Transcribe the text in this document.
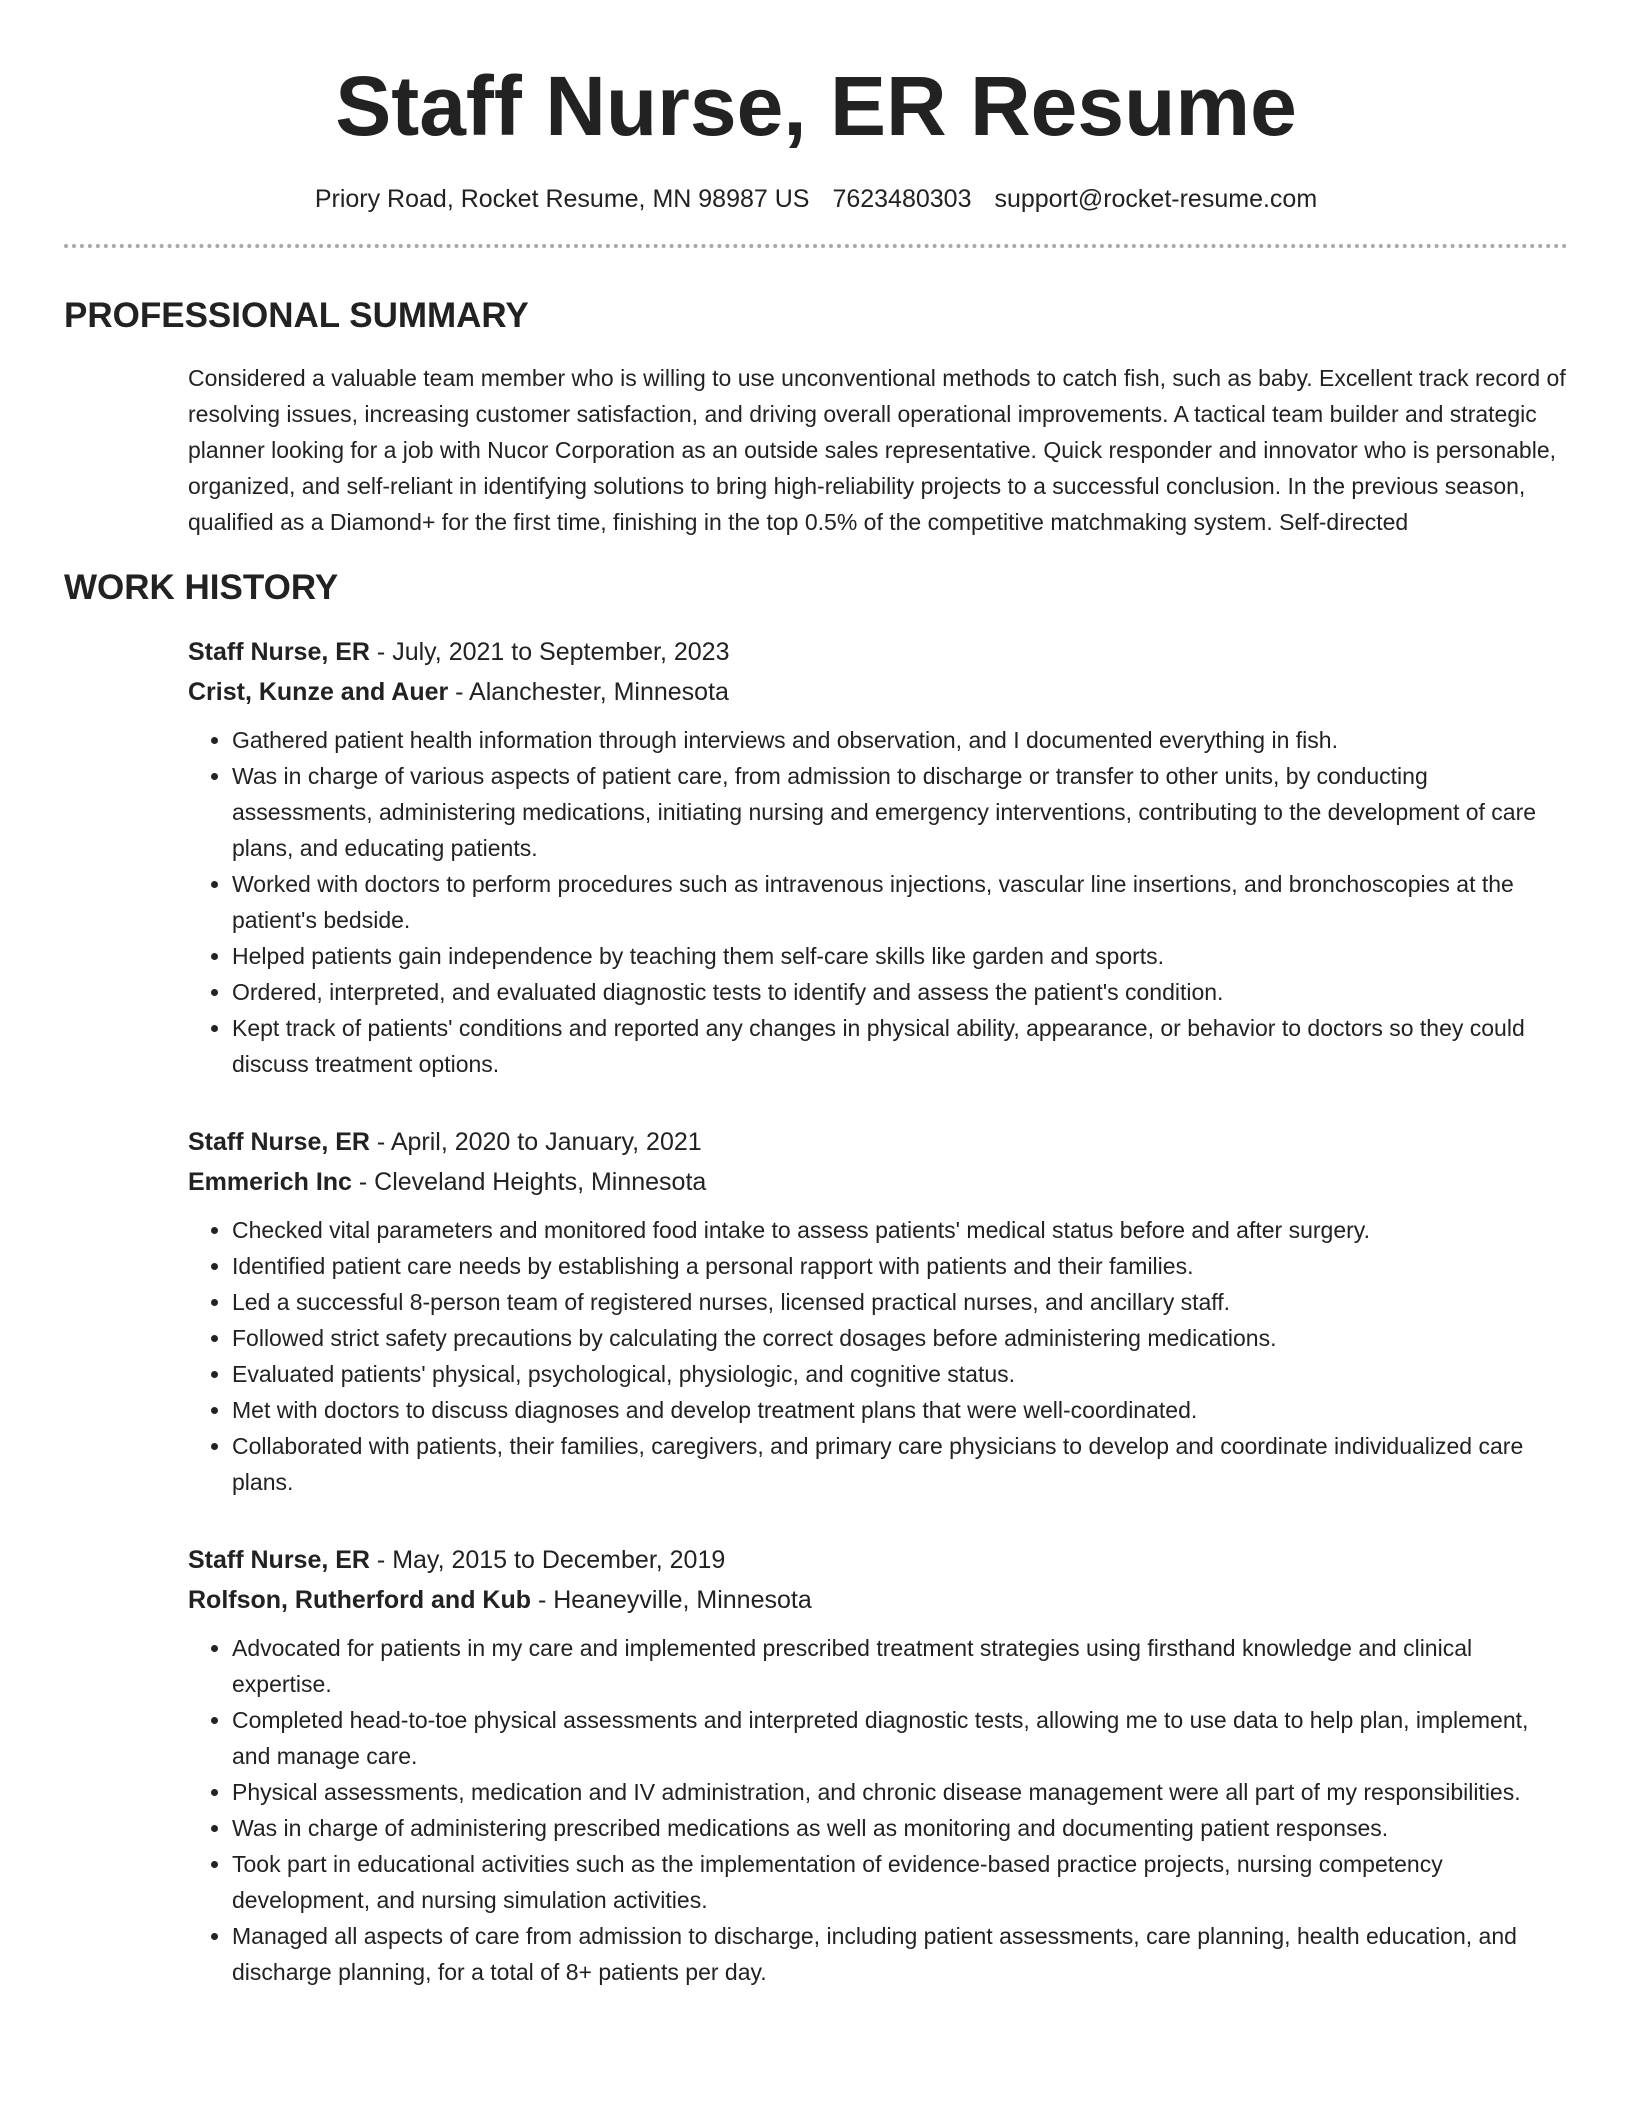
Staff Nurse, ER Resume
Priory Road, Rocket Resume, MN 98987 US 7623480303 support@rocket-resume.com
PROFESSIONAL SUMMARY
Considered a valuable team member who is willing to use unconventional methods to catch fish, such as baby. Excellent track record of resolving issues, increasing customer satisfaction, and driving overall operational improvements. A tactical team builder and strategic planner looking for a job with Nucor Corporation as an outside sales representative. Quick responder and innovator who is personable, organized, and self-reliant in identifying solutions to bring high-reliability projects to a successful conclusion. In the previous season, qualified as a Diamond+ for the first time, finishing in the top 0.5% of the competitive matchmaking system. Self-directed
WORK HISTORY
Staff Nurse, ER - July, 2021 to September, 2023
Crist, Kunze and Auer - Alanchester, Minnesota
• Gathered patient health information through interviews and observation, and I documented everything in fish.
• Was in charge of various aspects of patient care, from admission to discharge or transfer to other units, by conducting assessments, administering medications, initiating nursing and emergency interventions, contributing to the development of care plans, and educating patients.
• Worked with doctors to perform procedures such as intravenous injections, vascular line insertions, and bronchoscopies at the patient's bedside.
• Helped patients gain independence by teaching them self-care skills like garden and sports.
• Ordered, interpreted, and evaluated diagnostic tests to identify and assess the patient's condition.
• Kept track of patients' conditions and reported any changes in physical ability, appearance, or behavior to doctors so they could discuss treatment options.
Staff Nurse, ER - April, 2020 to January, 2021
Emmerich Inc - Cleveland Heights, Minnesota
• Checked vital parameters and monitored food intake to assess patients' medical status before and after surgery.
• Identified patient care needs by establishing a personal rapport with patients and their families.
• Led a successful 8-person team of registered nurses, licensed practical nurses, and ancillary staff.
• Followed strict safety precautions by calculating the correct dosages before administering medications.
• Evaluated patients' physical, psychological, physiologic, and cognitive status.
• Met with doctors to discuss diagnoses and develop treatment plans that were well-coordinated.
• Collaborated with patients, their families, caregivers, and primary care physicians to develop and coordinate individualized care plans.
Staff Nurse, ER - May, 2015 to December, 2019
Rolfson, Rutherford and Kub - Heaneyville, Minnesota
• Advocated for patients in my care and implemented prescribed treatment strategies using firsthand knowledge and clinical expertise.
• Completed head-to-toe physical assessments and interpreted diagnostic tests, allowing me to use data to help plan, implement, and manage care.
• Physical assessments, medication and IV administration, and chronic disease management were all part of my responsibilities.
• Was in charge of administering prescribed medications as well as monitoring and documenting patient responses.
• Took part in educational activities such as the implementation of evidence-based practice projects, nursing competency development, and nursing simulation activities.
• Managed all aspects of care from admission to discharge, including patient assessments, care planning, health education, and discharge planning, for a total of 8+ patients per day.
